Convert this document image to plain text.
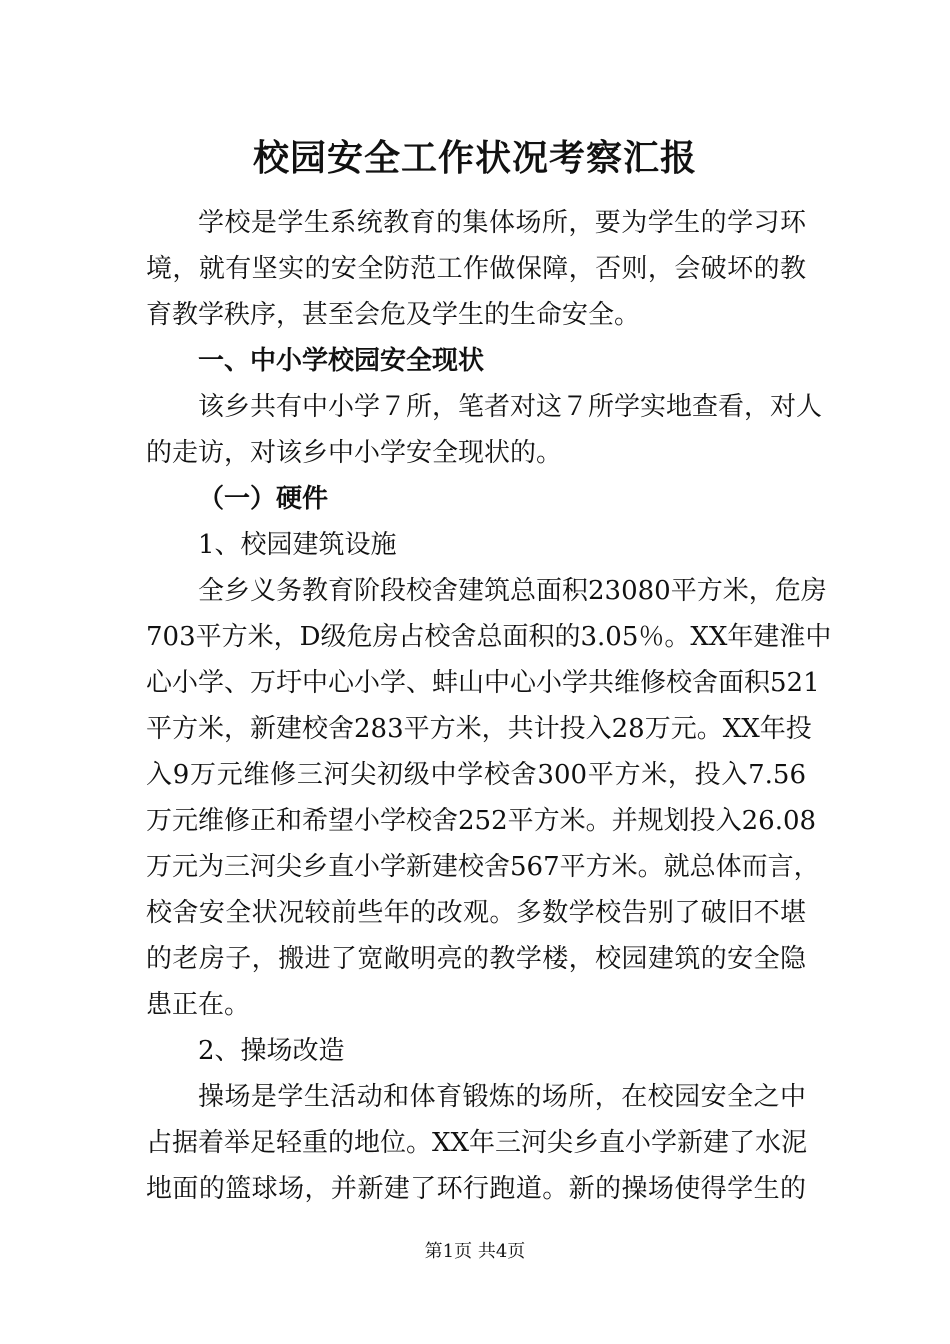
校园安全工作状况考察汇报
学校是学生系统教育的集体场所，要为学生的学习环
境，就有坚实的安全防范工作做保障，否则，会破坏的教
育教学秩序，甚至会危及学生的生命安全。
一、中小学校园安全现状
该乡共有中小学７所，笔者对这７所学实地查看，对人
的走访，对该乡中小学安全现状的。
（一）硬件
1、校园建筑设施
全乡义务教育阶段校舍建筑总面积23080平方米，危房
703平方米，D级危房占校舍总面积的3.05％。XX年建淮中
心小学、万圩中心小学、蚌山中心小学共维修校舍面积521
平方米，新建校舍283平方米，共计投入28万元。XX年投
入9万元维修三河尖初级中学校舍300平方米，投入7.56
万元维修正和希望小学校舍252平方米。并规划投入26.08
万元为三河尖乡直小学新建校舍567平方米。就总体而言，
校舍安全状况较前些年的改观。多数学校告别了破旧不堪
的老房子，搬进了宽敞明亮的教学楼，校园建筑的安全隐
患正在。
2、操场改造
操场是学生活动和体育锻炼的场所，在校园安全之中
占据着举足轻重的地位。XX年三河尖乡直小学新建了水泥
地面的篮球场，并新建了环行跑道。新的操场使得学生的
第1页 共4页
